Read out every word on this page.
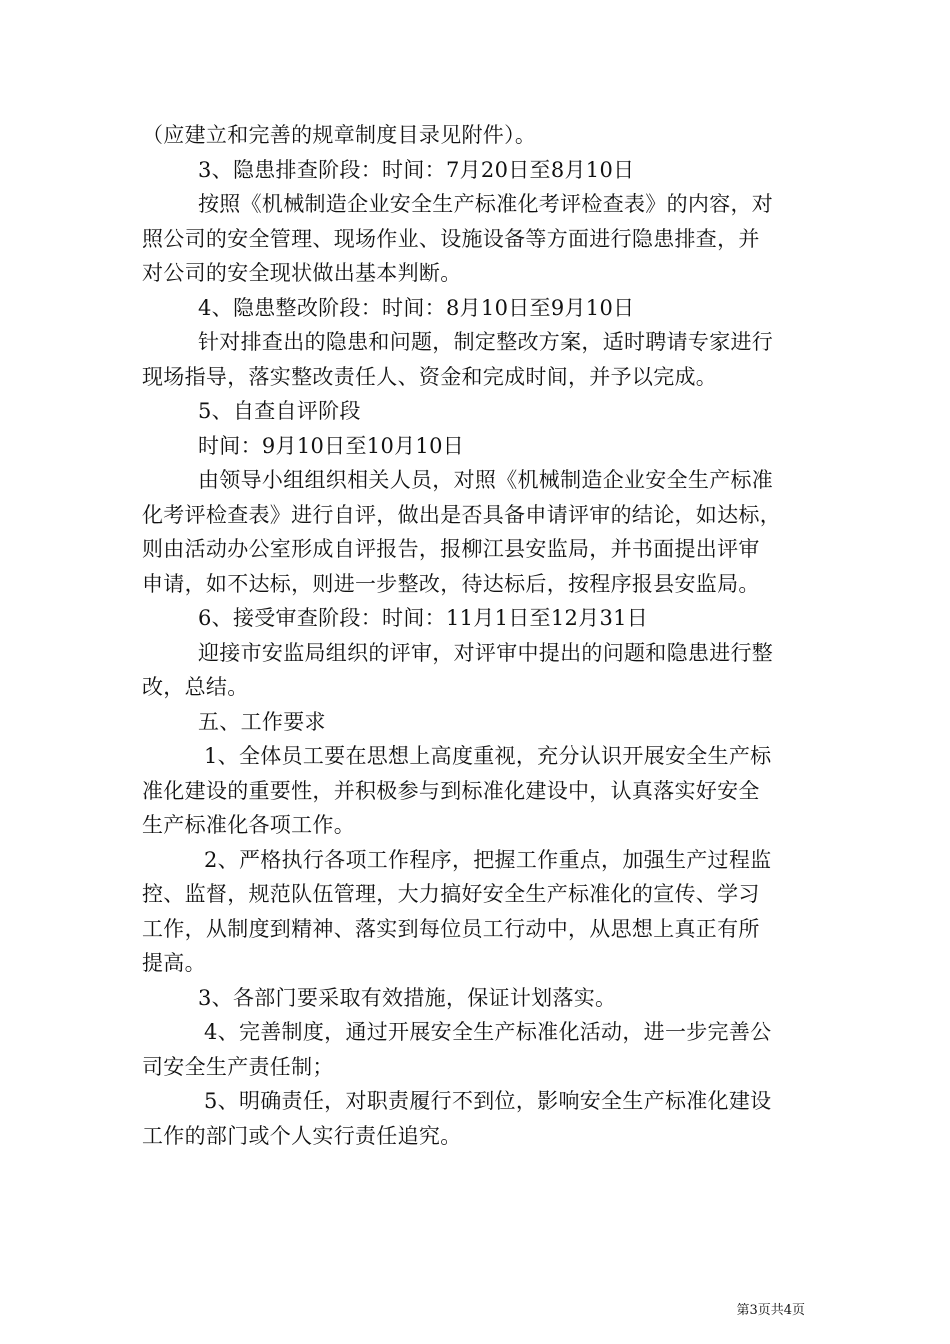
（应建立和完善的规章制度目录见附件）。
3、隐患排查阶段：时间：7月20日至8月10日
按照《机械制造企业安全生产标准化考评检查表》的内容，对
照公司的安全管理、现场作业、设施设备等方面进行隐患排查，并
对公司的安全现状做出基本判断。
4、隐患整改阶段：时间：8月10日至9月10日
针对排查出的隐患和问题，制定整改方案，适时聘请专家进行
现场指导，落实整改责任人、资金和完成时间，并予以完成。
5、自查自评阶段
时间：9月10日至10月10日
由领导小组组织相关人员，对照《机械制造企业安全生产标准
化考评检查表》进行自评，做出是否具备申请评审的结论，如达标，
则由活动办公室形成自评报告，报柳江县安监局，并书面提出评审
申请，如不达标，则进一步整改，待达标后，按程序报县安监局。
6、接受审查阶段：时间：11月1日至12月31日
迎接市安监局组织的评审，对评审中提出的问题和隐患进行整
改，总结。
五、工作要求
1、全体员工要在思想上高度重视，充分认识开展安全生产标
准化建设的重要性，并积极参与到标准化建设中，认真落实好安全
生产标准化各项工作。
2、严格执行各项工作程序，把握工作重点，加强生产过程监
控、监督，规范队伍管理，大力搞好安全生产标准化的宣传、学习
工作，从制度到精神、落实到每位员工行动中，从思想上真正有所
提高。
3、各部门要采取有效措施，保证计划落实。
4、完善制度，通过开展安全生产标准化活动，进一步完善公
司安全生产责任制；
5、明确责任，对职责履行不到位，影响安全生产标准化建设
工作的部门或个人实行责任追究。
第3页共4页
